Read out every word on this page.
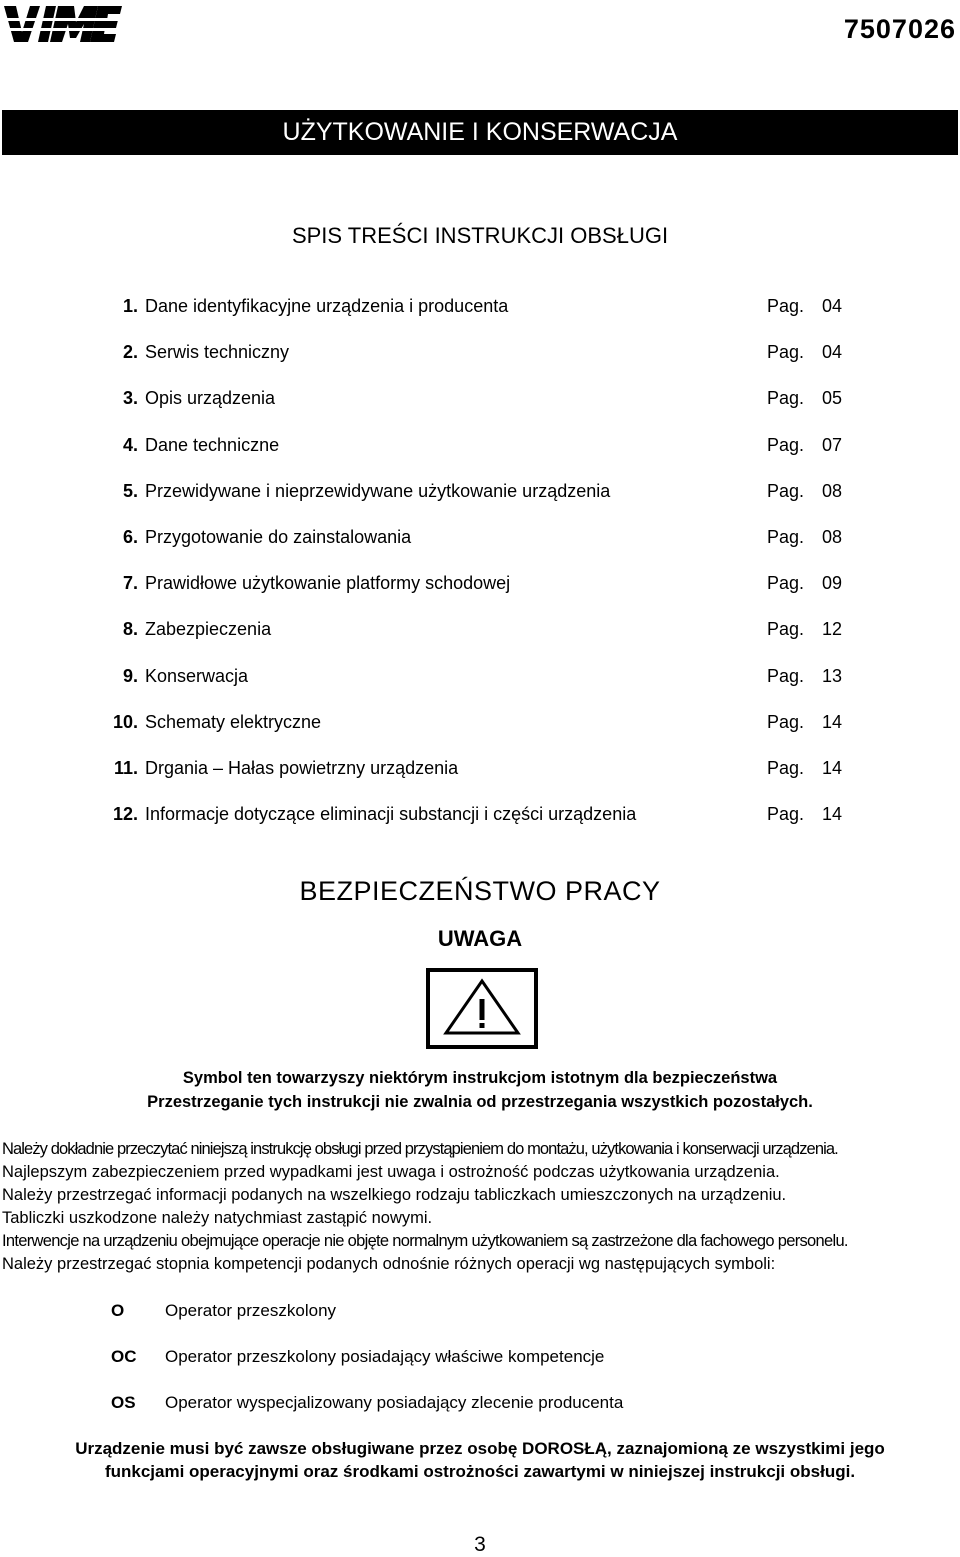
7507026
UŻYTKOWANIE I KONSERWACJA
SPIS TREŚCI INSTRUKCJI OBSŁUGI
1. Dane identyfikacyjne urządzenia i producenta	Pag. 04
2. Serwis techniczny	Pag. 04
3. Opis urządzenia	Pag. 05
4. Dane techniczne	Pag. 07
5. Przewidywane i nieprzewidywane użytkowanie urządzenia	Pag. 08
6. Przygotowanie do zainstalowania	Pag. 08
7. Prawidłowe użytkowanie platformy schodowej	Pag. 09
8. Zabezpieczenia	Pag. 12
9. Konserwacja	Pag. 13
10. Schematy elektryczne	Pag. 14
11. Drgania – Hałas powietrzny urządzenia	Pag. 14
12. Informacje dotyczące eliminacji substancji i części urządzenia	Pag. 14
BEZPIECZEŃSTWO PRACY
UWAGA
Symbol ten towarzyszy niektórym instrukcjom istotnym dla bezpieczeństwa
Przestrzeganie tych instrukcji nie zwalnia od przestrzegania wszystkich pozostałych.
Należy dokładnie przeczytać niniejszą instrukcję obsługi przed przystąpieniem do montażu, użytkowania i konserwacji urządzenia.
Najlepszym zabezpieczeniem przed wypadkami jest uwaga i ostrożność podczas użytkowania urządzenia.
Należy przestrzegać informacji podanych na wszelkiego rodzaju tabliczkach umieszczonych na urządzeniu.
Tabliczki uszkodzone należy natychmiast zastąpić nowymi.
Interwencje na urządzeniu obejmujące operacje nie objęte normalnym użytkowaniem są zastrzeżone dla fachowego personelu.
Należy przestrzegać stopnia kompetencji podanych odnośnie różnych operacji wg następujących symboli:
O Operator przeszkolony
OC Operator przeszkolony posiadający właściwe kompetencje
OS Operator wyspecjalizowany posiadający zlecenie producenta
Urządzenie musi być zawsze obsługiwane przez osobę DOROSŁĄ, zaznajomioną ze wszystkimi jego
funkcjami operacyjnymi oraz środkami ostrożności zawartymi w niniejszej instrukcji obsługi.
3
